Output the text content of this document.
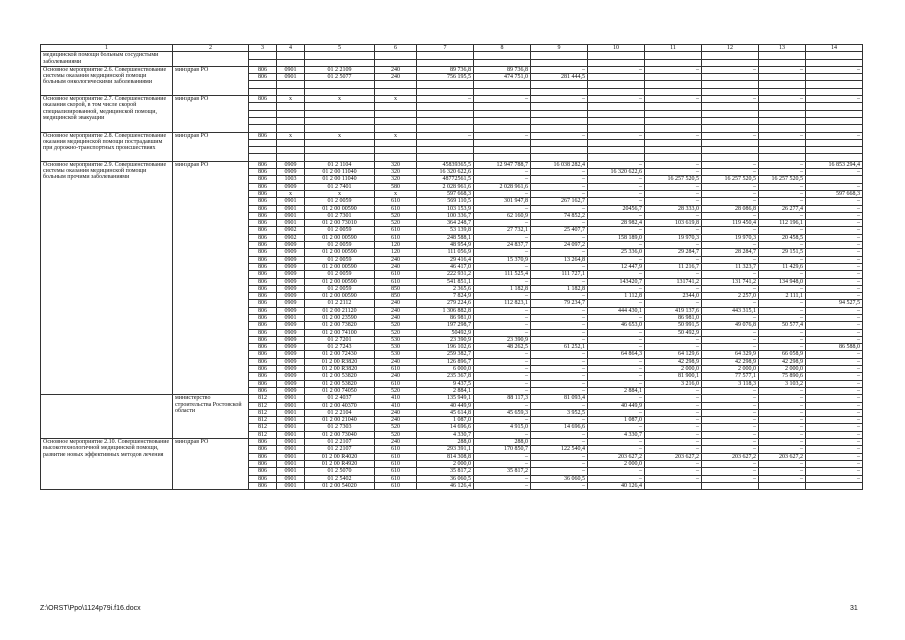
1	2	3	4	5	6	7	8	9	10	11	12	13	14
медицинской помощи больным сосудистыми заболеваниями													

Основное мероприятие 2.6. Совершенствование системы оказания медицинской помощи больным онкологическими заболеваниями	минздрав РО	806	0901	01 2 2109	240	89 736,8	89 736,8	–	–	–	–	–	–
		806	0901	01 2 5077	240	756 195,5	474 751,0	281 444,5					

Основное мероприятие 2.7. Совершенствование оказания скорой, в том числе скорой специализированной, медицинской помощи, медицинской эвакуации	минздрав РО	806	x	x	x	–	–	–	–	–	–	–	–

Основное мероприятие 2.8. Совершенствование оказания медицинской помощи пострадавшим при дорожно-транспортных происшествиях	минздрав РО	806	x	x	x	–	–	–	–	–	–	–	–

Основное мероприятие 2.9. Совершенствование системы оказания медицинской помощи больным прочими заболеваниями	минздрав РО	806	0909	01 2 1104	320	45839365,5	12 947 788,7	16 038 282,4	–	–	–	–	16 853 294,4
		806	0909	01 2 00 11040	320	16 320 622,6	–	–	16 320 622,6	–	–	–	–
		806	1003	01 2 00 11040	320	48772561,5	–	–	–	16 257 520,5	16 257 520,5	16 257 520,5	
		806	0909	01 2 7401	580	2 028 961,6	2 028 961,6	–	–	–	–	–	–
		806	x	x	x	597 668,3	–	–	–	–	–	–	597 668,3
		806	0901	01 2 0059	610	569 110,5	301 947,8	267 162,7	–	–	–	–	–
		806	0901	01 2 00 00590	610	103 153,9	–	–	20456,7	28 333,0	28 086,8	26 277,4	–
		806	0901	01 2 7301	520	100 336,7	62 160,9	74 852,2	–	–	–	–	–
		806	0901	01 2 00 73010	520	364 248,7	–	–	28 982,4	103 619,8	119 450,4	112 196,1	–
		806	0902	01 2 0059	610	53 139,8	27 732,1	25 407,7	–	–	–	–	–
		806	0902	01 2 00 00590	610	248 588,1	–	–	158 189,0	19 970,3	19 970,3	20 458,5	–
		806	0909	01 2 0059	120	48 954,9	24 837,7	24 097,2	–	–	–	–	–
		806	0909	01 2 00 00590	120	111 056,9	–	–	25 336,0	29 284,7	28 284,7	29 151,5	–
		806	0909	01 2 0059	240	29 416,4	15 370,9	13 264,8	–	–	–	–	–
		806	0909	01 2 00 00590	240	46 417,0	–	–	12 447,9	11 216,7	11 323,7	11 429,6	–
		806	0909	01 2 0059	610	222 931,2	111 525,4	111 727,1	–	–	–	–	–
		806	0909	01 2 00 00590	610	541 851,1	–	–	143420,7	131741,2	131 741,2	134 948,0	–
		806	0909	01 2 0059	850	2 365,6	1 182,8	1 182,8	–	–	–	–	–
		806	0909	01 2 00 00590	850	7 824,9	–	–	1 112,8	2344,0	2 257,0	2 111,1	–
		806	0909	01 2 2112	240	279 224,6	112 823,1	79 234,7	–	–	–	–	94 527,5
		806	0909	01 2 00 21120	240	1 306 882,8	–	–	444 430,1	419 137,6	443 315,1	–	–
		806	0901	01 2 00 23590	240	86 981,0	–	–	–	86 981,0	–	–	–
		806	0909	01 2 00 73820	520	197 298,7	–	–	46 653,0	50 991,5	49 076,8	50 577,4	–
		806	0909	01 2 00 74100	520	50492,9	–	–	–	50 492,9	–	–	–
		806	0909	01 2 7201	530	23 390,9	23 390,9	–	–	–	–	–	–
		806	0909	01 2 7243	530	196 102,6	48 262,5	61 252,1	–	–	–	–	86 588,0
		806	0909	01 2 00 72430	530	259 382,7	–	–	64 864,3	64 129,6	64 329,9	66 058,9	–
		806	0909	01 2 00 R3820	240	126 896,7	–	–	–	42 298,9	42 298,9	42 298,9	–
		806	0909	01 2 00 R3820	610	6 000,0	–	–	–	2 000,0	2 000,0	2 000,0	–
		806	0909	01 2 00 53820	240	235 367,8	–	–	–	81 900,1	77 577,1	75 890,6	–
		806	0909	01 2 00 53820	610	9 437,5	–	–	–	3 216,0	3 118,3	3 103,2	–
		806	0909	01 2 00 74050	520	2 884,1	–	–	2 884,1	–	–	–	–
	министерство строительства Ростовской области	812	0901	01 2 4037	410	135 949,1	88 117,3	81 093,4	–	–	–	–	–
		812	0901	01 2 00 40370	410	40 449,9	–	–	40 449,9	–	–	–	–
		812	0901	01 2 2104	240	45 614,8	45 659,3	3 952,5	–	–	–	–	–
		812	0901	01 2 00 21040	240	1 087,0	–	–	1 087,0	–	–	–	–
		812	0901	01 2 7303	520	14 696,6	4 915,0	14 696,6	–	–	–	–	–
		812	0901	01 2 00 73040	520	4 330,7	–	–	4 330,7	–	–	–	–
Основное мероприятие 2.10. Совершенствование высокотехнологичной медицинской помощи, развитие новых эффективных методов лечения	минздрав РО	806	0901	01 2 2107	240	288,0	288,0	–	–	–	–	–	–
		806	0901	01 2 2107	610	293 391,1	170 850,7	122 540,4	–	–	–	–	–
		806	0901	01 2 00 R4020	610	814 308,8	–	–	203 627,2	203 627,2	203 627,2	203 627,2	–
		806	0901	01 2 00 R4920	610	2 000,0	–	–	2 000,0	–	–	–	–
		806	0901	01 2 5070	610	35 817,2	35 817,2	–	–	–	–	–	–
		806	0901	01 2 5402	610	36 060,5	–	36 060,5	–	–	–	–	–
		806	0901	01 2 00 54020	610	46 126,4	–	–	40 126,4				
Z:\ORST\Ppo\1124p79i.f16.docx	31
